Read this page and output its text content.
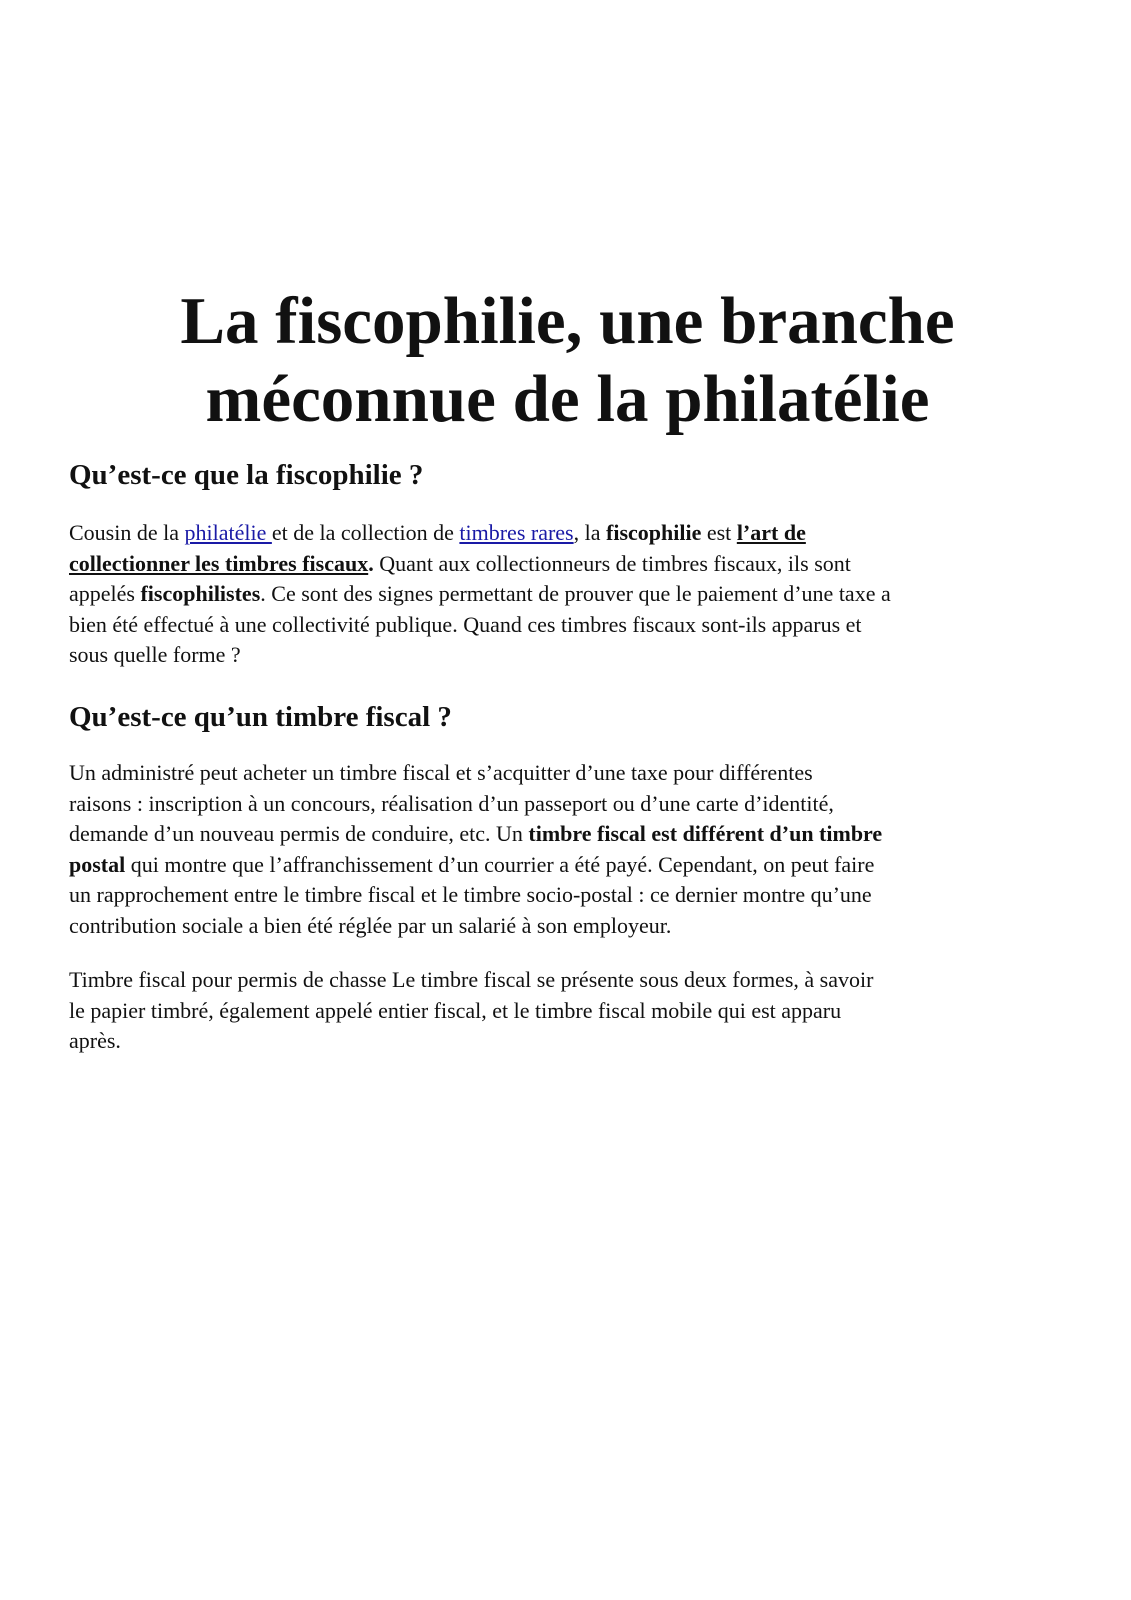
La fiscophilie, une branche
méconnue de la philatélie
Qu’est-ce que la fiscophilie ?

Cousin de la philatélie et de la collection de timbres rares, la fiscophilie est l’art de
collectionner les timbres fiscaux. Quant aux collectionneurs de timbres fiscaux, ils sont
appelés fiscophilistes. Ce sont des signes permettant de prouver que le paiement d’une taxe a
bien été effectué à une collectivité publique. Quand ces timbres fiscaux sont-ils apparus et
sous quelle forme ?

Qu’est-ce qu’un timbre fiscal ?

Un administré peut acheter un timbre fiscal et s’acquitter d’une taxe pour différentes
raisons : inscription à un concours, réalisation d’un passeport ou d’une carte d’identité,
demande d’un nouveau permis de conduire, etc. Un timbre fiscal est différent d’un timbre
postal qui montre que l’affranchissement d’un courrier a été payé. Cependant, on peut faire
un rapprochement entre le timbre fiscal et le timbre socio-postal : ce dernier montre qu’une
contribution sociale a bien été réglée par un salarié à son employeur.

Timbre fiscal pour permis de chasse Le timbre fiscal se présente sous deux formes, à savoir
le papier timbré, également appelé entier fiscal, et le timbre fiscal mobile qui est apparu
après.
